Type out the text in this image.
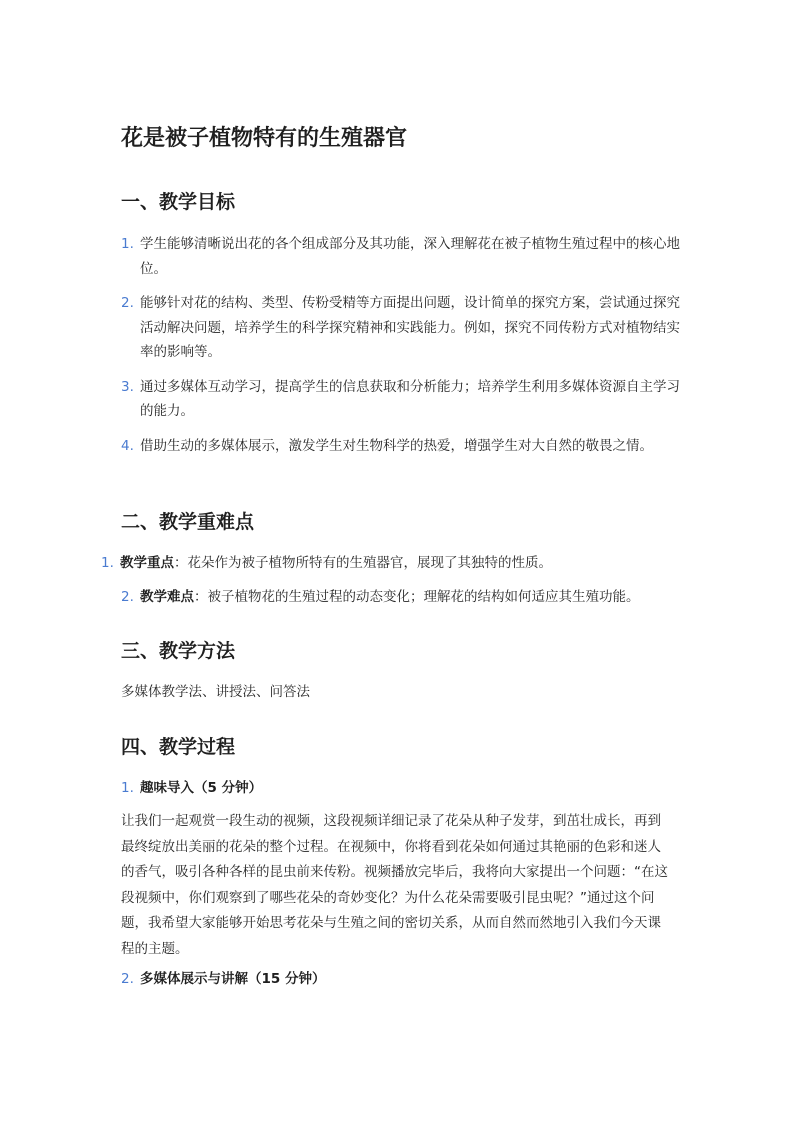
花是被子植物特有的生殖器官
一、教学目标
1. 学生能够清晰说出花的各个组成部分及其功能，深入理解花在被子植物生殖过程中的核心地位。
2. 能够针对花的结构、类型、传粉受精等方面提出问题，设计简单的探究方案，尝试通过探究活动解决问题，培养学生的科学探究精神和实践能力。例如，探究不同传粉方式对植物结实率的影响等。
3. 通过多媒体互动学习，提高学生的信息获取和分析能力；培养学生利用多媒体资源自主学习的能力。
4. 借助生动的多媒体展示，激发学生对生物科学的热爱，增强学生对大自然的敬畏之情。
二、教学重难点
1. 教学重点：花朵作为被子植物所特有的生殖器官，展现了其独特的性质。
2. 教学难点：被子植物花的生殖过程的动态变化；理解花的结构如何适应其生殖功能。
三、教学方法
多媒体教学法、讲授法、问答法
四、教学过程
1. 趣味导入（5 分钟）
让我们一起观赏一段生动的视频，这段视频详细记录了花朵从种子发芽，到茁壮成长，再到最终绽放出美丽的花朵的整个过程。在视频中，你将看到花朵如何通过其艳丽的色彩和迷人的香气，吸引各种各样的昆虫前来传粉。视频播放完毕后，我将向大家提出一个问题：“在这段视频中，你们观察到了哪些花朵的奇妙变化？为什么花朵需要吸引昆虫呢？”通过这个问题，我希望大家能够开始思考花朵与生殖之间的密切关系，从而自然而然地引入我们今天课程的主题。
2. 多媒体展示与讲解（15 分钟）
